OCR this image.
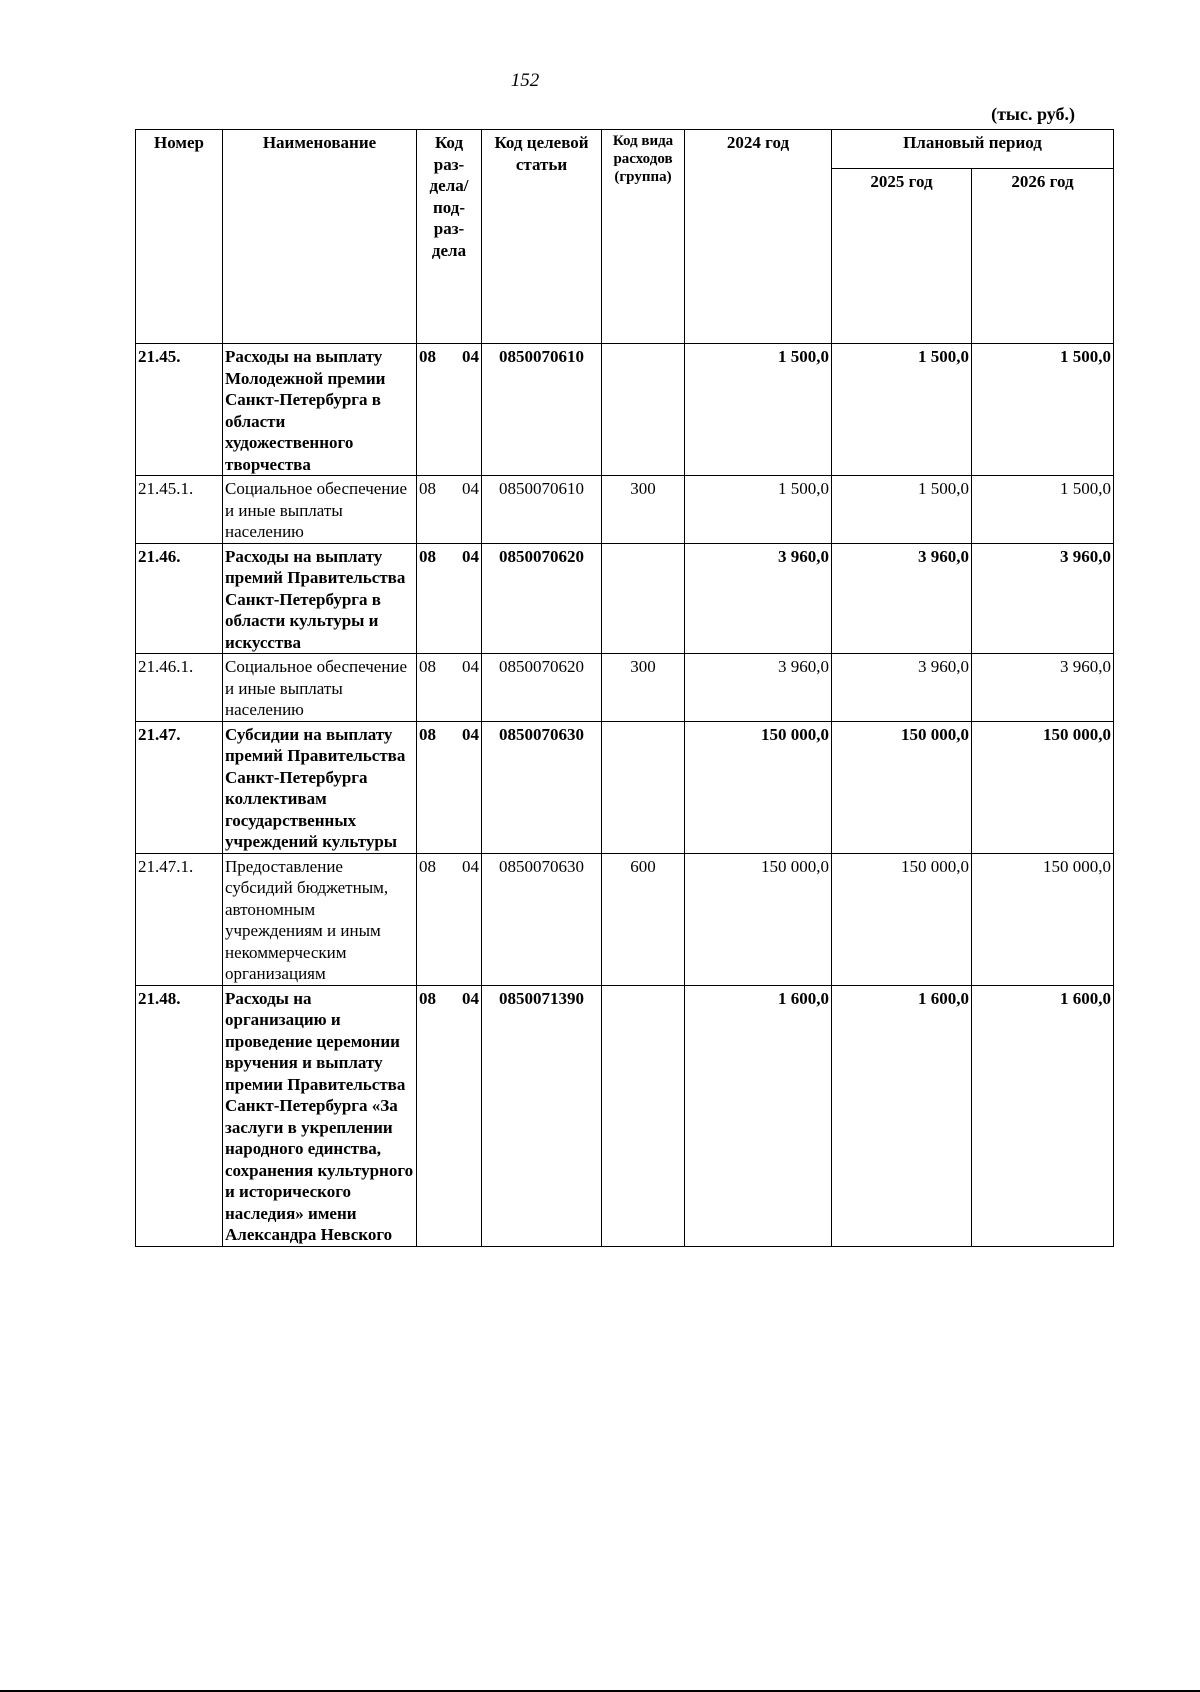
152
(тыс. руб.)
Номер	Наименование	Код раз-дела/ под-раз-дела	Код целевой статьи	Код вида расходов (группа)	2024 год	Плановый период	
						2025 год	2026 год
21.45.	Расходы на выплату Молодежной премии Санкт-Петербурга в области художественного творчества	08 04	0850070610		1 500,0	1 500,0	1 500,0
21.45.1.	Социальное обеспечение и иные выплаты населению	08 04	0850070610	300	1 500,0	1 500,0	1 500,0
21.46.	Расходы на выплату премий Правительства Санкт-Петербурга в области культуры и искусства	08 04	0850070620		3 960,0	3 960,0	3 960,0
21.46.1.	Социальное обеспечение и иные выплаты населению	08 04	0850070620	300	3 960,0	3 960,0	3 960,0
21.47.	Субсидии на выплату премий Правительства Санкт-Петербурга коллективам государственных учреждений культуры	08 04	0850070630		150 000,0	150 000,0	150 000,0
21.47.1.	Предоставление субсидий бюджетным, автономным учреждениям и иным некоммерческим организациям	08 04	0850070630	600	150 000,0	150 000,0	150 000,0
21.48.	Расходы на организацию и проведение церемонии вручения и выплату премии Правительства Санкт-Петербурга «За заслуги в укреплении народного единства, сохранения культурного и исторического наследия» имени Александра Невского	08 04	0850071390		1 600,0	1 600,0	1 600,0
